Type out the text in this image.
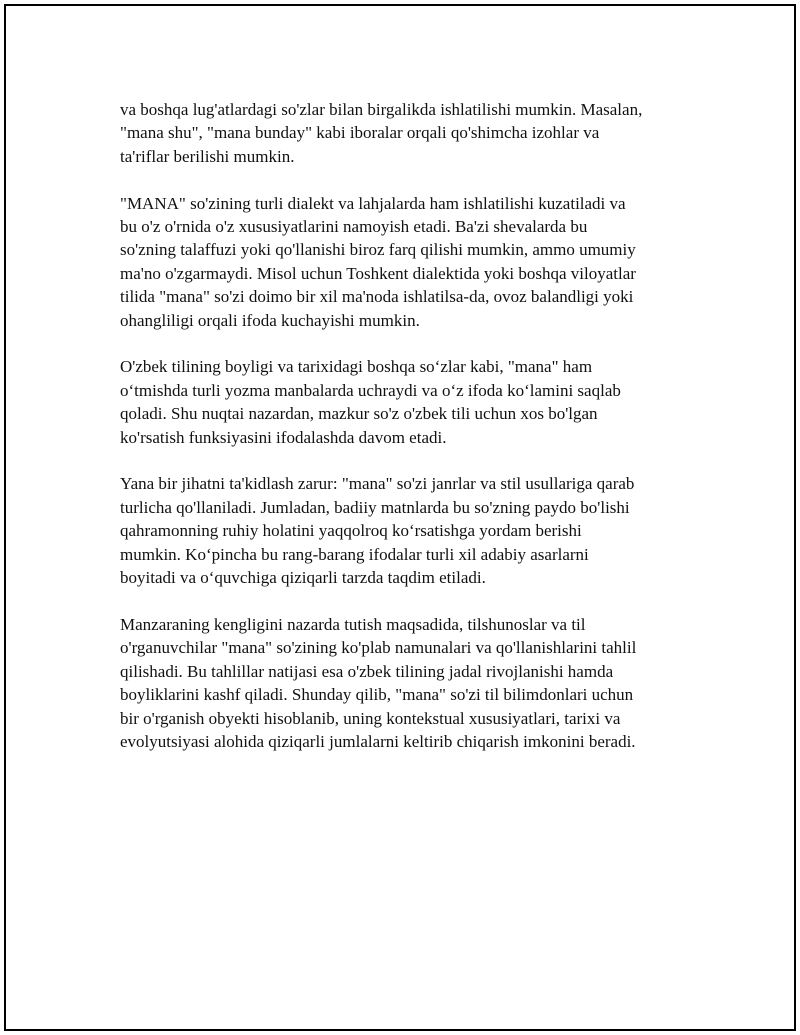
va boshqa lug'atlardagi so'zlar bilan birgalikda ishlatilishi mumkin. Masalan,
"mana shu", "mana bunday" kabi iboralar orqali qo'shimcha izohlar va
ta'riflar berilishi mumkin.

"MANA" so'zining turli dialekt va lahjalarda ham ishlatilishi kuzatiladi va
bu o'z o'rnida o'z xususiyatlarini namoyish etadi. Ba'zi shevalarda bu
so'zning talaffuzi yoki qo'llanishi biroz farq qilishi mumkin, ammo umumiy
ma'no o'zgarmaydi. Misol uchun Toshkent dialektida yoki boshqa viloyatlar
tilida "mana" so'zi doimo bir xil ma'noda ishlatilsa-da, ovoz balandligi yoki
ohangliligi orqali ifoda kuchayishi mumkin.

O'zbek tilining boyligi va tarixidagi boshqa so‘zlar kabi, "mana" ham
o‘tmishda turli yozma manbalarda uchraydi va o‘z ifoda ko‘lamini saqlab
qoladi. Shu nuqtai nazardan, mazkur so'z o'zbek tili uchun xos bo'lgan
ko'rsatish funksiyasini ifodalashda davom etadi.

Yana bir jihatni ta'kidlash zarur: "mana" so'zi janrlar va stil usullariga qarab
turlicha qo'llaniladi. Jumladan, badiiy matnlarda bu so'zning paydo bo'lishi
qahramonning ruhiy holatini yaqqolroq ko‘rsatishga yordam berishi
mumkin. Ko‘pincha bu rang-barang ifodalar turli xil adabiy asarlarni
boyitadi va o‘quvchiga qiziqarli tarzda taqdim etiladi.

Manzaraning kengligini nazarda tutish maqsadida, tilshunoslar va til
o'rganuvchilar "mana" so'zining ko'plab namunalari va qo'llanishlarini tahlil
qilishadi. Bu tahlillar natijasi esa o'zbek tilining jadal rivojlanishi hamda
boyliklarini kashf qiladi. Shunday qilib, "mana" so'zi til bilimdonlari uchun
bir o'rganish obyekti hisoblanib, uning kontekstual xususiyatlari, tarixi va
evolyutsiyasi alohida qiziqarli jumlalarni keltirib chiqarish imkonini beradi.
